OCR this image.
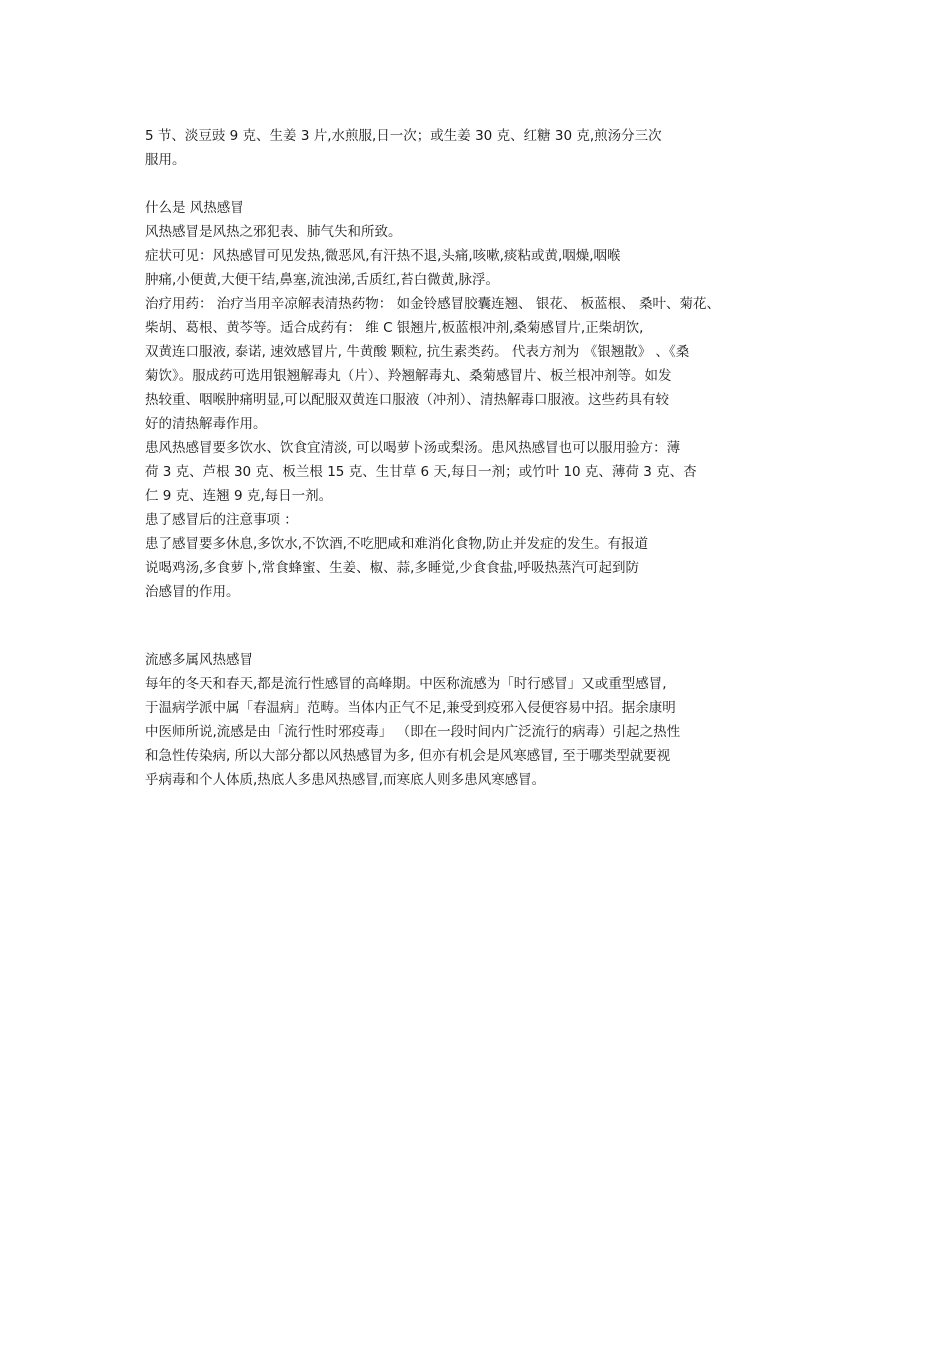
5 节、淡豆豉 9 克、生姜 3 片,水煎服,日一次；或生姜 30 克、红糖 30 克,煎汤分三次
服用。
什么是 风热感冒
风热感冒是风热之邪犯表、肺气失和所致。
症状可见：风热感冒可见发热,微恶风,有汗热不退,头痛,咳嗽,痰粘或黄,咽燥,咽喉
肿痛,小便黄,大便干结,鼻塞,流浊涕,舌质红,苔白微黄,脉浮。
治疗用药： 治疗当用辛凉解表清热药物： 如金铃感冒胶囊连翘、 银花、 板蓝根、 桑叶、菊花、
柴胡、葛根、黄芩等。适合成药有： 维 C 银翘片,板蓝根冲剂,桑菊感冒片,正柴胡饮,
双黄连口服液, 泰诺, 速效感冒片, 牛黄酸 颗粒, 抗生素类药。 代表方剂为 《银翘散》 、《桑
菊饮》。服成药可选用银翘解毒丸（片）、羚翘解毒丸、桑菊感冒片、板兰根冲剂等。如发
热较重、咽喉肿痛明显,可以配服双黄连口服液（冲剂）、清热解毒口服液。这些药具有较
好的清热解毒作用。
患风热感冒要多饮水、饮食宜清淡, 可以喝萝卜汤或梨汤。患风热感冒也可以服用验方：薄
荷 3 克、芦根 30 克、板兰根 15 克、生甘草 6 天,每日一剂；或竹叶 10 克、薄荷 3 克、杏
仁 9 克、连翘 9 克,每日一剂。
患了感冒后的注意事项 ：
患了感冒要多休息,多饮水,不饮酒,不吃肥咸和难消化食物,防止并发症的发生。有报道
说喝鸡汤,多食萝卜,常食蜂蜜、生姜、椒、蒜,多睡觉,少食食盐,呼吸热蒸汽可起到防
治感冒的作用。
流感多属风热感冒
每年的冬天和春天,都是流行性感冒的高峰期。中医称流感为「时行感冒」又或重型感冒,
于温病学派中属「春温病」范畴。当体内正气不足,兼受到疫邪入侵便容易中招。据余康明
中医师所说,流感是由「流行性时邪疫毒」 （即在一段时间内广泛流行的病毒）引起之热性
和急性传染病, 所以大部分都以风热感冒为多, 但亦有机会是风寒感冒, 至于哪类型就要视
乎病毒和个人体质,热底人多患风热感冒,而寒底人则多患风寒感冒。
